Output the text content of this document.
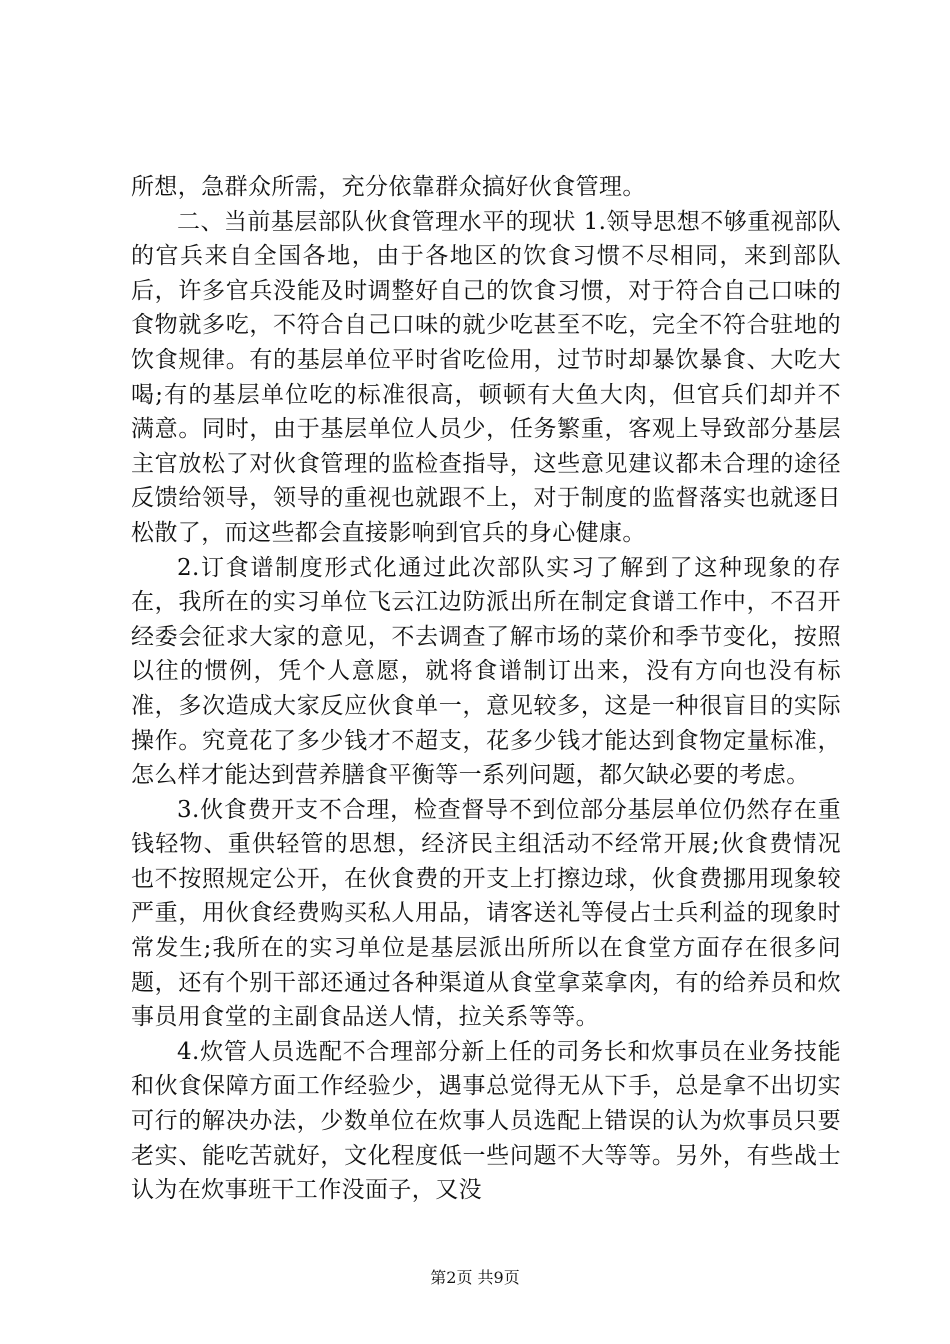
所想，急群众所需，充分依靠群众搞好伙食管理。

二、当前基层部队伙食管理水平的现状 1.领导思想不够重视部队的官兵来自全国各地，由于各地区的饮食习惯不尽相同，来到部队后，许多官兵没能及时调整好自己的饮食习惯，对于符合自己口味的食物就多吃，不符合自己口味的就少吃甚至不吃，完全不符合驻地的饮食规律。有的基层单位平时省吃俭用，过节时却暴饮暴食、大吃大喝;有的基层单位吃的标准很高，顿顿有大鱼大肉，但官兵们却并不满意。同时，由于基层单位人员少，任务繁重，客观上导致部分基层主官放松了对伙食管理的监检查指导，这些意见建议都未合理的途径反馈给领导，领导的重视也就跟不上，对于制度的监督落实也就逐日松散了，而这些都会直接影响到官兵的身心健康。

2.订食谱制度形式化通过此次部队实习了解到了这种现象的存在，我所在的实习单位飞云江边防派出所在制定食谱工作中，不召开经委会征求大家的意见，不去调查了解市场的菜价和季节变化，按照以往的惯例，凭个人意愿，就将食谱制订出来，没有方向也没有标准，多次造成大家反应伙食单一，意见较多，这是一种很盲目的实际操作。究竟花了多少钱才不超支，花多少钱才能达到食物定量标准，怎么样才能达到营养膳食平衡等一系列问题，都欠缺必要的考虑。

3.伙食费开支不合理，检查督导不到位部分基层单位仍然存在重钱轻物、重供轻管的思想，经济民主组活动不经常开展;伙食费情况也不按照规定公开，在伙食费的开支上打擦边球，伙食费挪用现象较严重，用伙食经费购买私人用品，请客送礼等侵占士兵利益的现象时常发生;我所在的实习单位是基层派出所所以在食堂方面存在很多问题，还有个别干部还通过各种渠道从食堂拿菜拿肉，有的给养员和炊事员用食堂的主副食品送人情，拉关系等等。

4.炊管人员选配不合理部分新上任的司务长和炊事员在业务技能和伙食保障方面工作经验少，遇事总觉得无从下手，总是拿不出切实可行的解决办法，少数单位在炊事人员选配上错误的认为炊事员只要老实、能吃苦就好，文化程度低一些问题不大等等。另外，有些战士认为在炊事班干工作没面子，又没

第2页 共9页
